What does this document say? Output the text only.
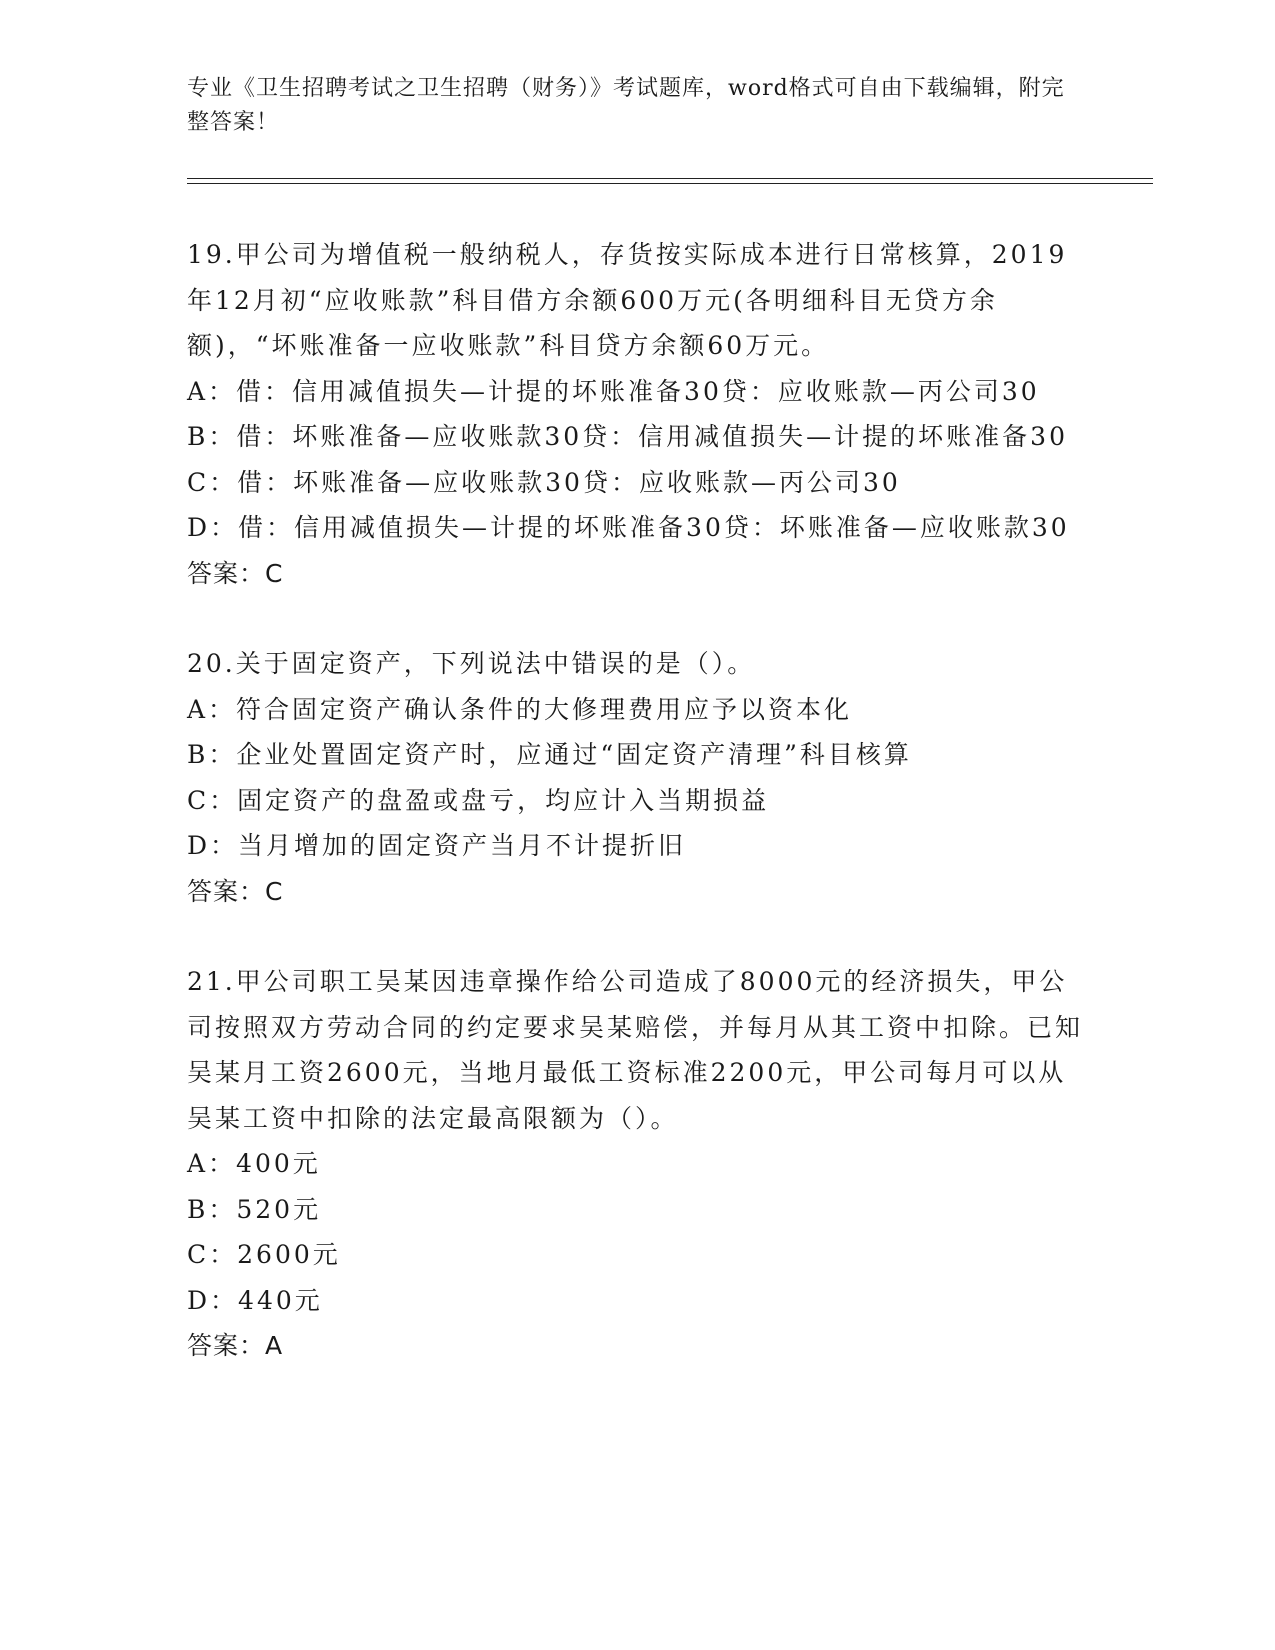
专业《卫生招聘考试之卫生招聘（财务）》考试题库，word格式可自由下载编辑，附完整答案！

19.甲公司为增值税一般纳税人，存货按实际成本进行日常核算，2019年12月初“应收账款”科目借方余额600万元(各明细科目无贷方余额)，“坏账准备一应收账款”科目贷方余额60万元。

A：借：信用减值损失—计提的坏账准备30贷：应收账款—丙公司30

B：借：坏账准备—应收账款30贷：信用减值损失—计提的坏账准备30

C：借：坏账准备—应收账款30贷：应收账款—丙公司30

D：借：信用减值损失—计提的坏账准备30贷：坏账准备—应收账款30

答案：C

20.关于固定资产，下列说法中错误的是（）。

A：符合固定资产确认条件的大修理费用应予以资本化

B：企业处置固定资产时，应通过“固定资产清理”科目核算

C：固定资产的盘盈或盘亏，均应计入当期损益

D：当月增加的固定资产当月不计提折旧

答案：C

21.甲公司职工吴某因违章操作给公司造成了8000元的经济损失，甲公司按照双方劳动合同的约定要求吴某赔偿，并每月从其工资中扣除。已知吴某月工资2600元，当地月最低工资标准2200元，甲公司每月可以从吴某工资中扣除的法定最高限额为（）。

A：400元

B：520元

C：2600元

D：440元

答案：A
